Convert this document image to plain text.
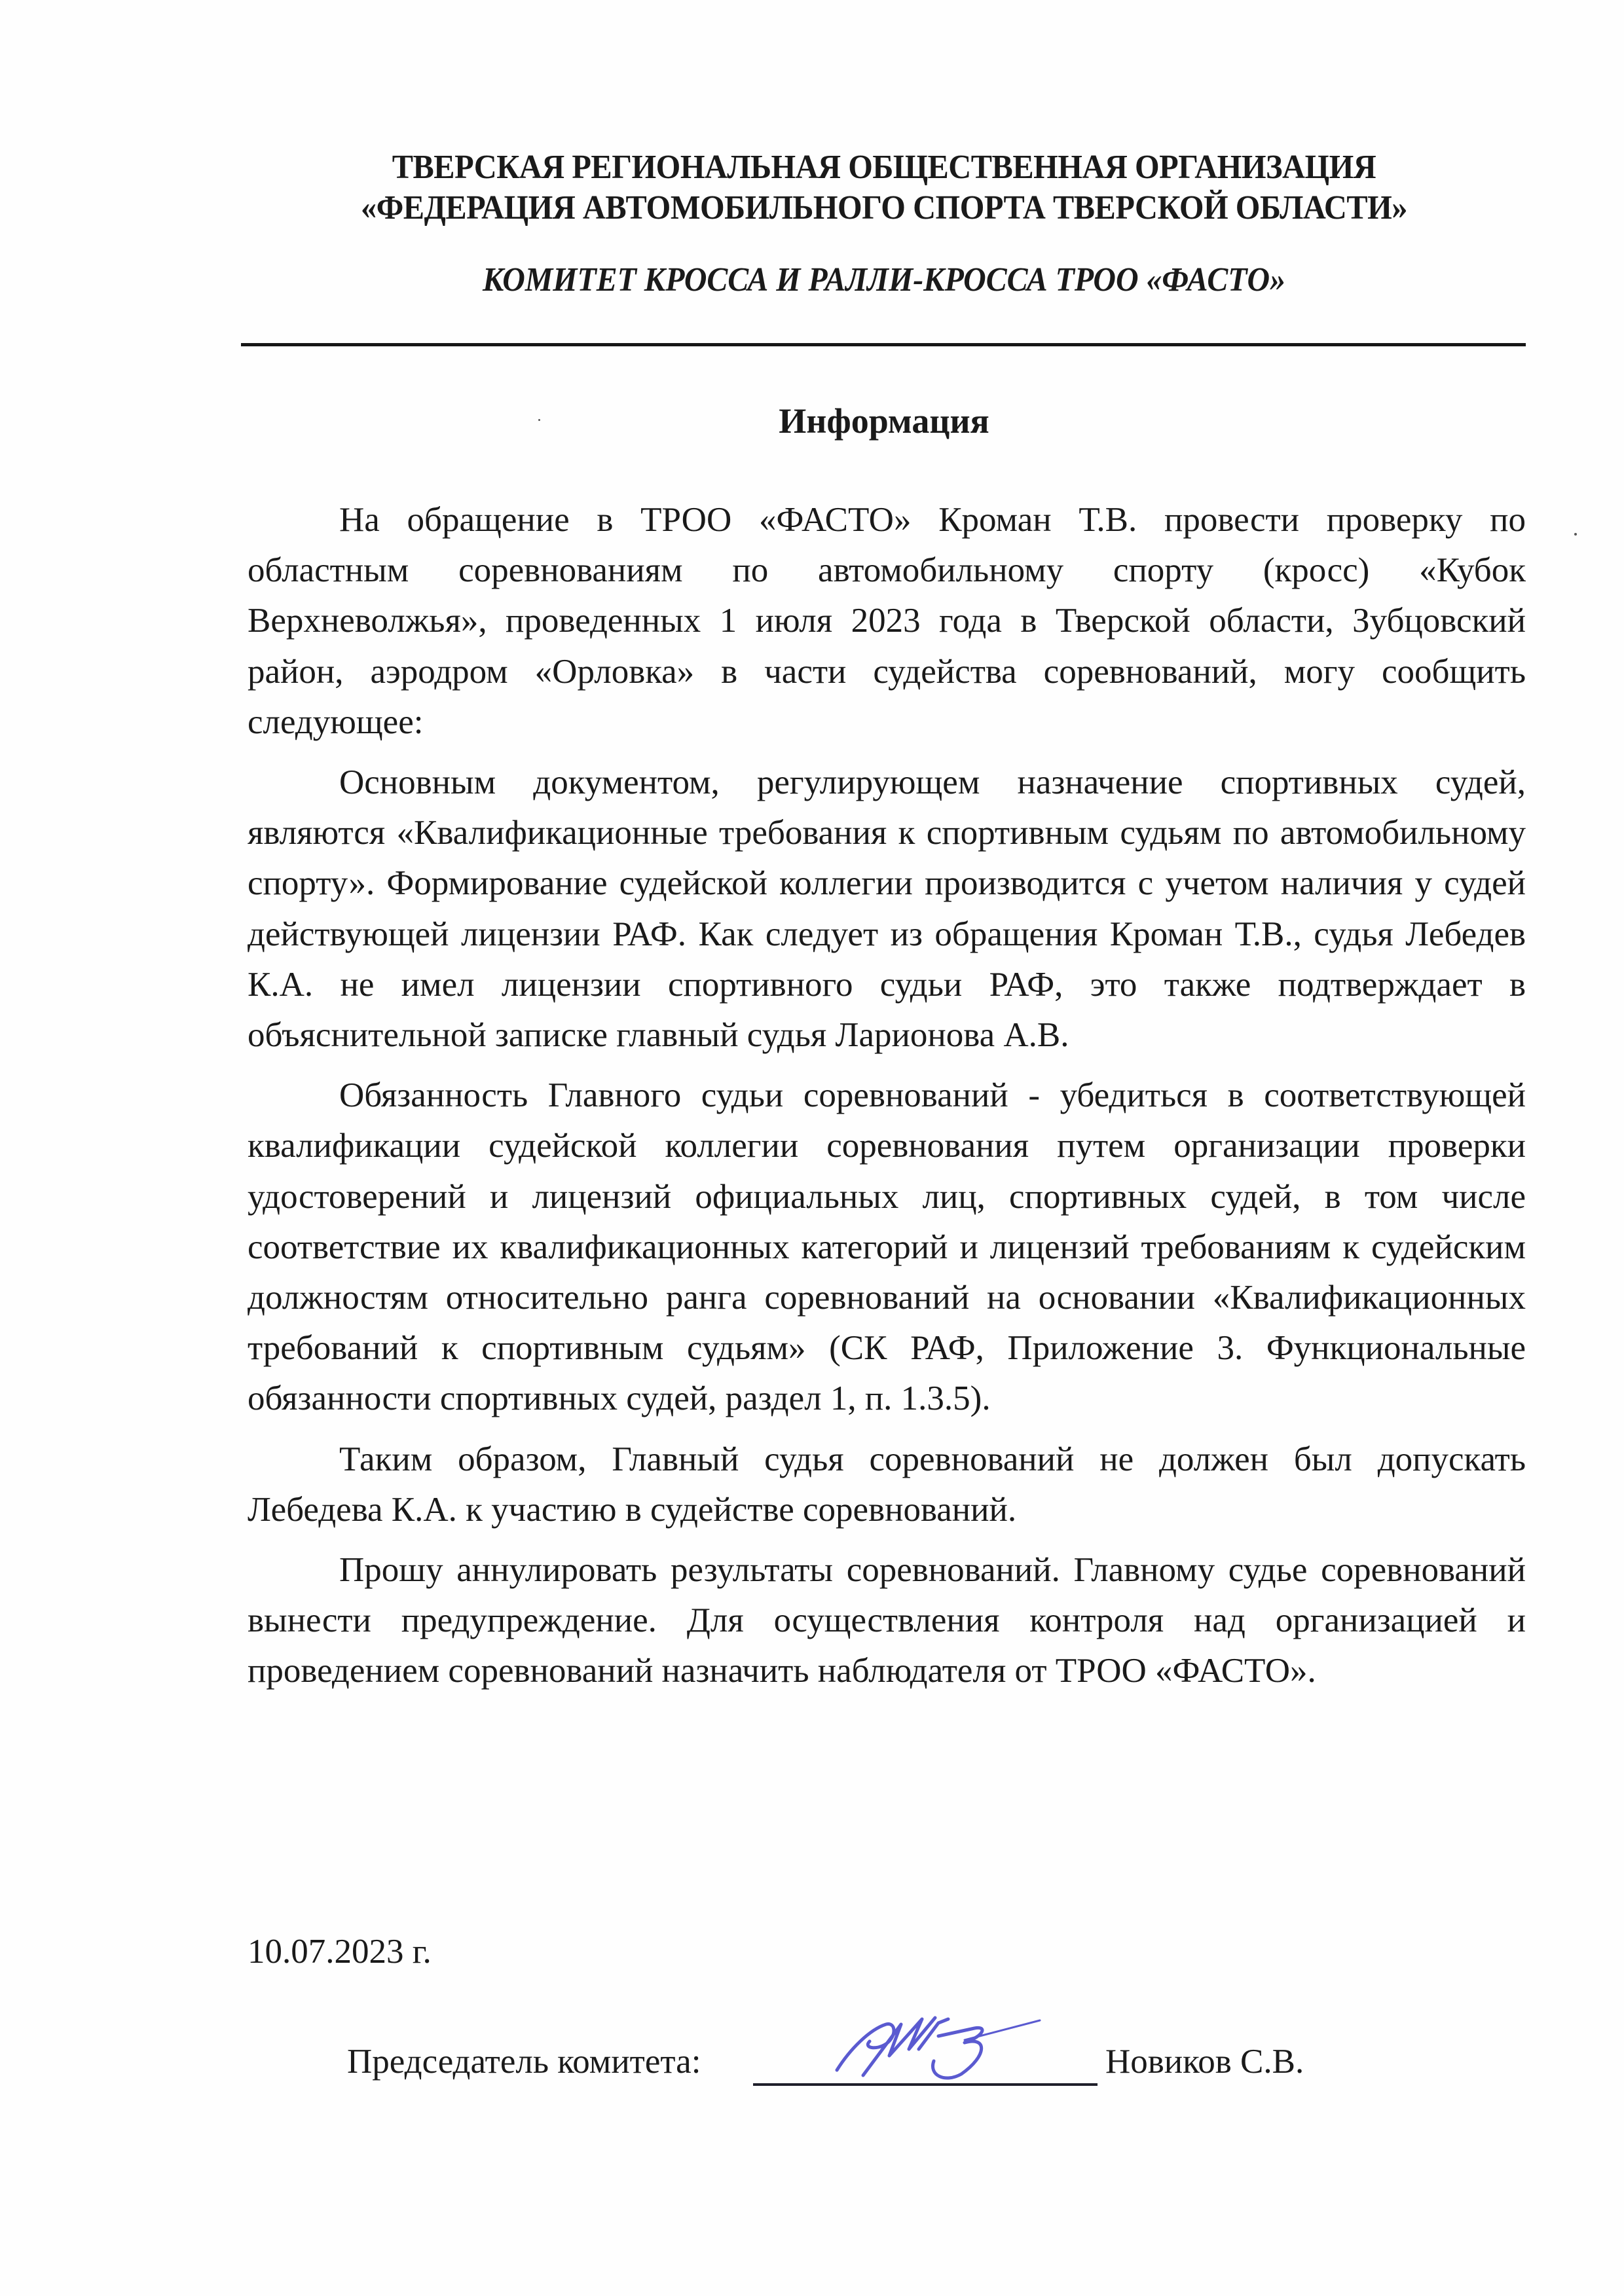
ТВЕРСКАЯ РЕГИОНАЛЬНАЯ ОБЩЕСТВЕННАЯ ОРГАНИЗАЦИЯ
«ФЕДЕРАЦИЯ АВТОМОБИЛЬНОГО СПОРТА ТВЕРСКОЙ ОБЛАСТИ»
КОМИТЕТ КРОССА И РАЛЛИ-КРОССА ТРОО «ФАСТО»
Информация

На обращение в ТРОО «ФАСТО» Кроман Т.В. провести проверку по областным соревнованиям по автомобильному спорту (кросс) «Кубок Верхневолжья», проведенных 1 июля 2023 года в Тверской области, Зубцовский район, аэродром «Орловка» в части судейства соревнований, могу сообщить следующее:

Основным документом, регулирующем назначение спортивных судей, являются «Квалификационные требования к спортивным судьям по автомобильному спорту». Формирование судейской коллегии производится с учетом наличия у судей действующей лицензии РАФ. Как следует из обращения Кроман Т.В., судья Лебедев К.А. не имел лицензии спортивного судьи РАФ, это также подтверждает в объяснительной записке главный судья Ларионова А.В.

Обязанность Главного судьи соревнований - убедиться в соответствующей квалификации судейской коллегии соревнования путем организации проверки удостоверений и лицензий официальных лиц, спортивных судей, в том числе соответствие их квалификационных категорий и лицензий требованиям к судейским должностям относительно ранга соревнований на основании «Квалификационных требований к спортивным судьям» (СК РАФ, Приложение 3. Функциональные обязанности спортивных судей, раздел 1, п. 1.3.5).

Таким образом, Главный судья соревнований не должен был допускать Лебедева К.А. к участию в судействе соревнований.

Прошу аннулировать результаты соревнований. Главному судье соревнований вынести предупреждение. Для осуществления контроля над организацией и проведением соревнований назначить наблюдателя от ТРОО «ФАСТО».

10.07.2023 г.
Председатель комитета:	Новиков С.В.
